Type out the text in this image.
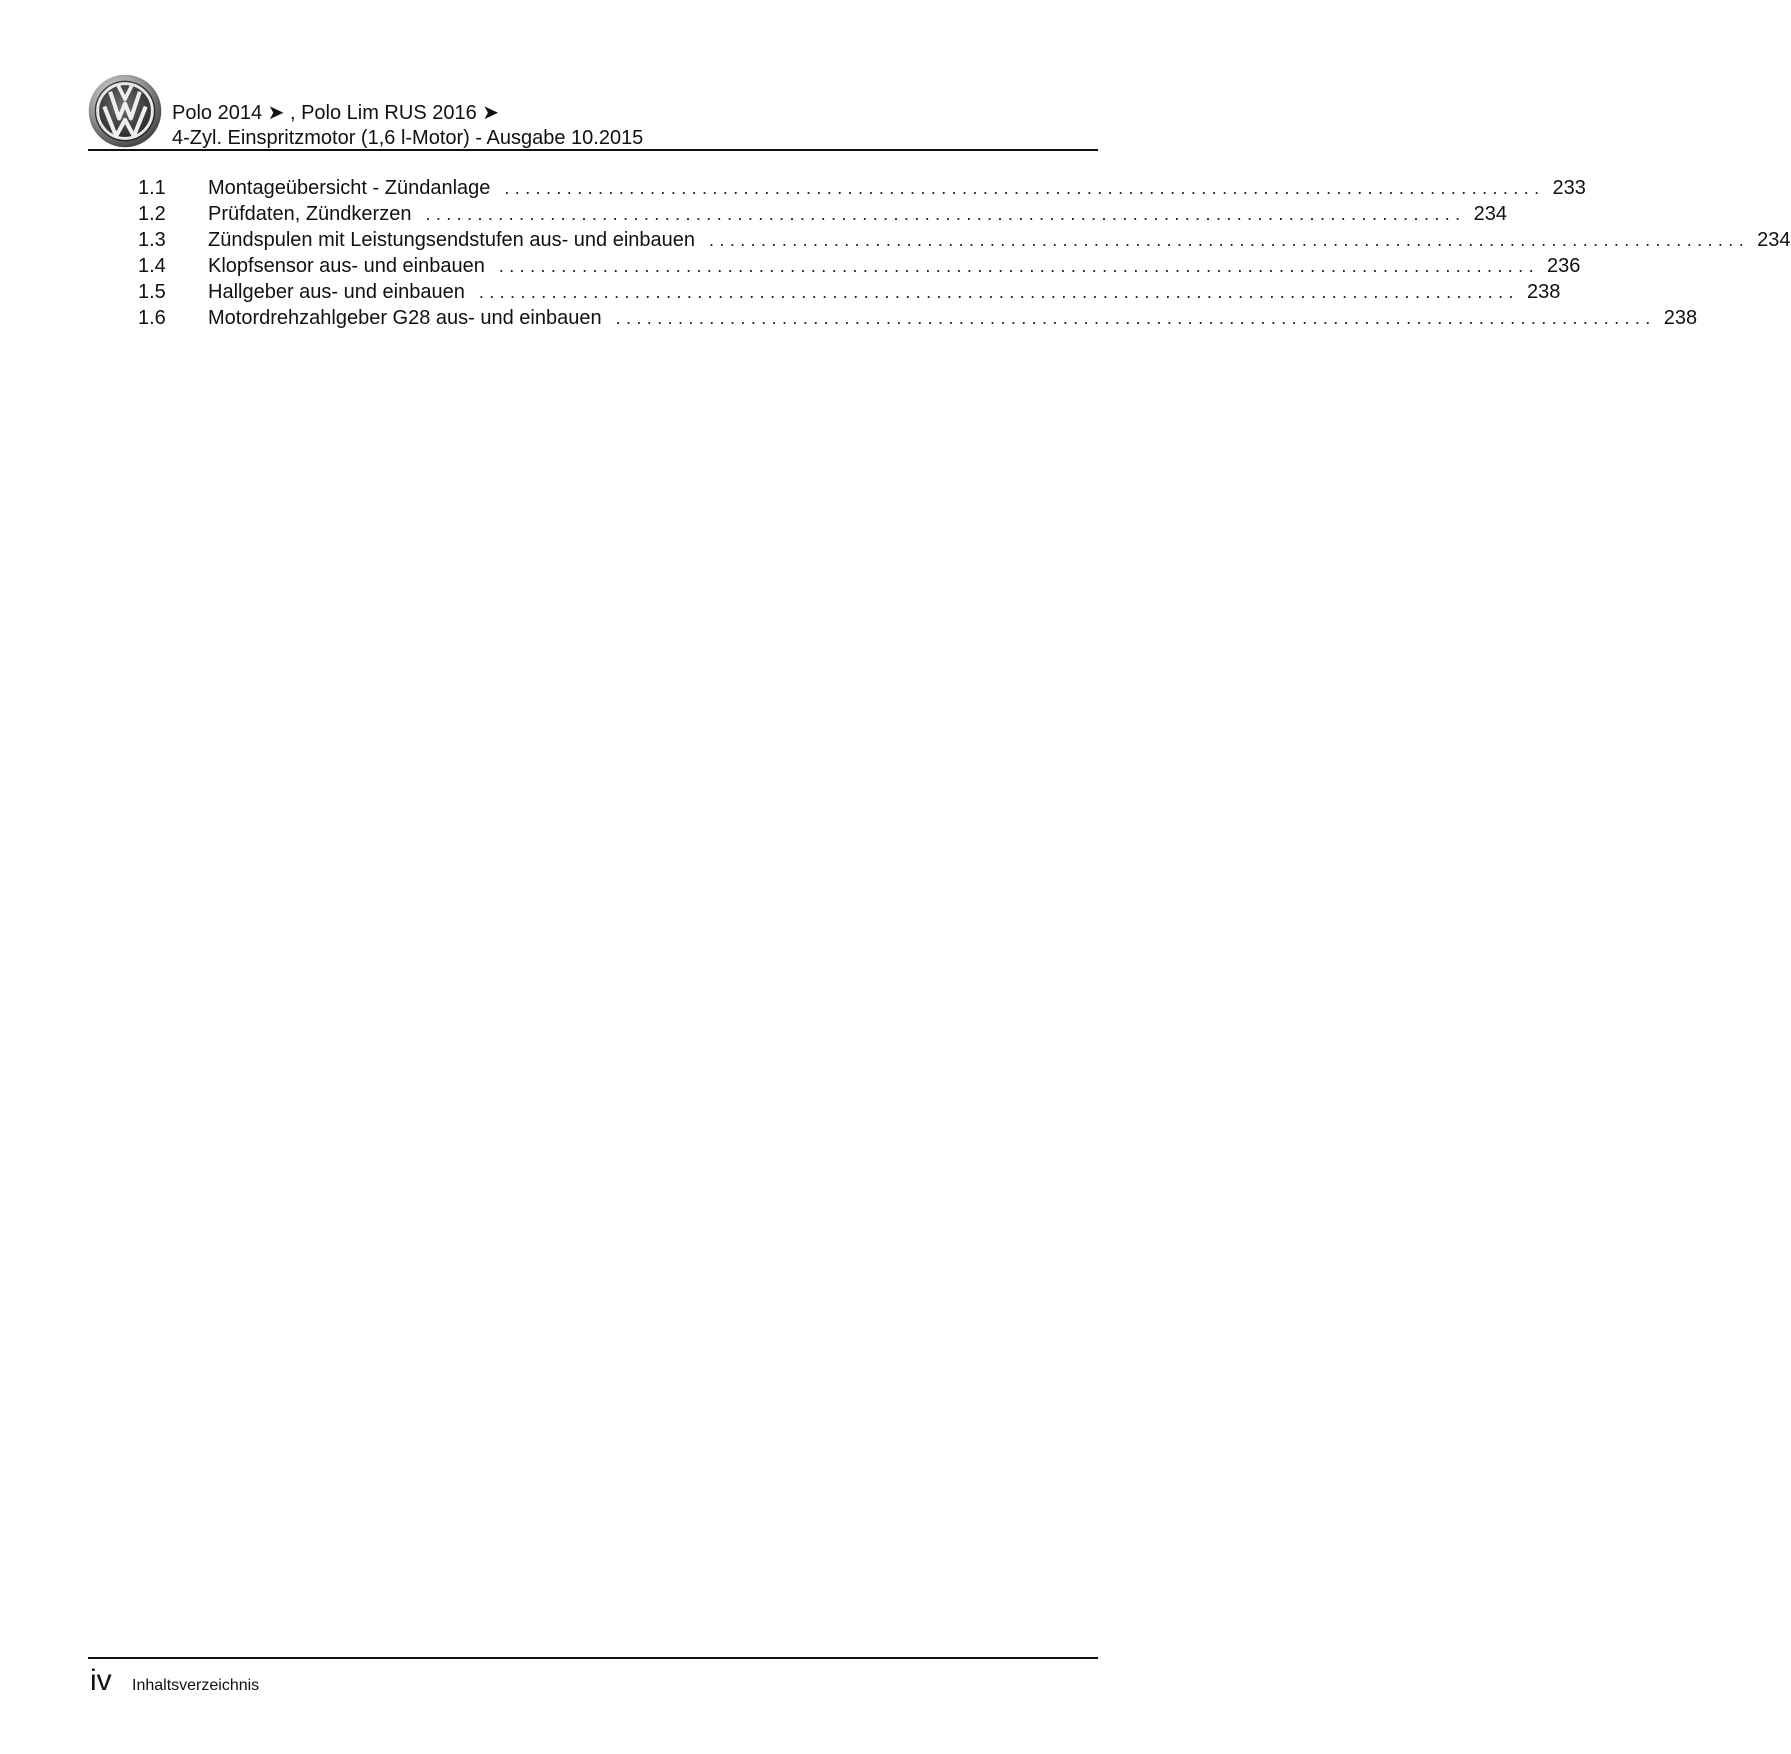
Polo 2014 ➤ , Polo Lim RUS 2016 ➤
4-Zyl. Einspritzmotor (1,6 l-Motor) - Ausgabe 10.2015
1.1	Montageübersicht - Zündanlage .................................................................................................... 233
1.2	Prüfdaten, Zündkerzen .................................................................................................... 234
1.3	Zündspulen mit Leistungsendstufen aus- und einbauen .................................................................................................... 234
1.4	Klopfsensor aus- und einbauen .................................................................................................... 236
1.5	Hallgeber aus- und einbauen .................................................................................................... 238
1.6	Motordrehzahlgeber G28 aus- und einbauen .................................................................................................... 238
iv Inhaltsverzeichnis
